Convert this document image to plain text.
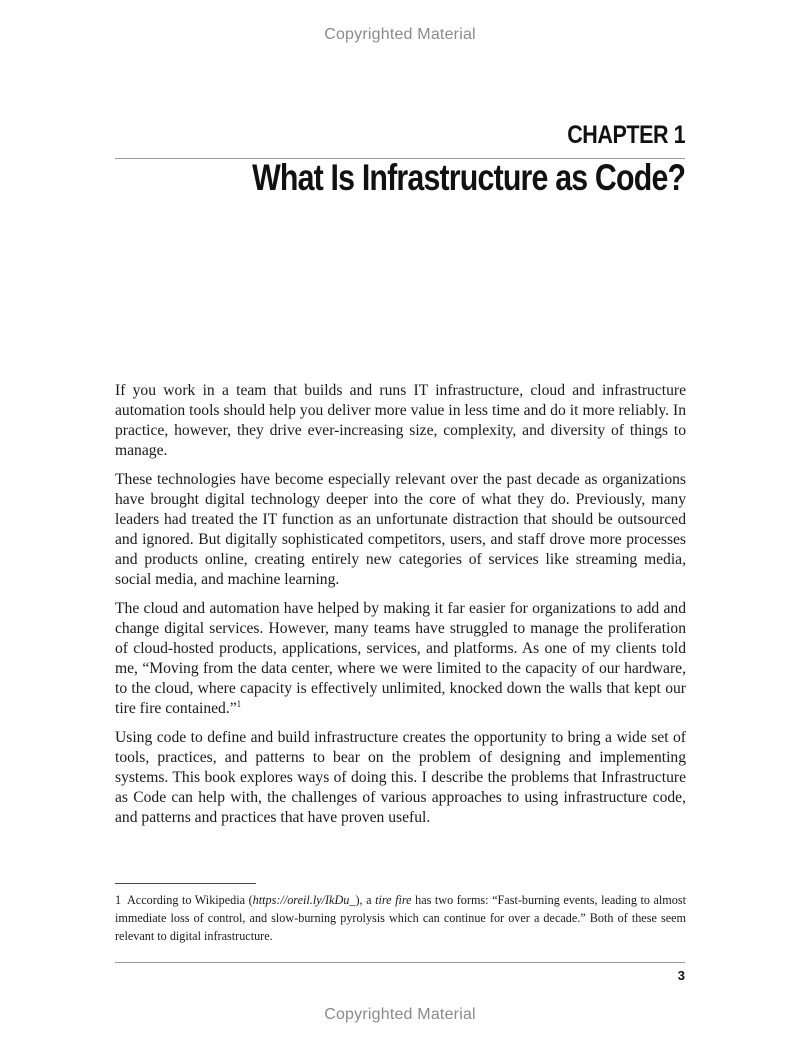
Copyrighted Material
CHAPTER 1
What Is Infrastructure as Code?

If you work in a team that builds and runs IT infrastructure, cloud and infrastructure automation tools should help you deliver more value in less time and do it more reliably. In practice, however, they drive ever-increasing size, complexity, and diversity of things to manage.

These technologies have become especially relevant over the past decade as organizations have brought digital technology deeper into the core of what they do. Previously, many leaders had treated the IT function as an unfortunate distraction that should be outsourced and ignored. But digitally sophisticated competitors, users, and staff drove more processes and products online, creating entirely new categories of services like streaming media, social media, and machine learning.

The cloud and automation have helped by making it far easier for organizations to add and change digital services. However, many teams have struggled to manage the proliferation of cloud-hosted products, applications, services, and platforms. As one of my clients told me, “Moving from the data center, where we were limited to the capacity of our hardware, to the cloud, where capacity is effectively unlimited, knocked down the walls that kept our tire fire contained.”$^1$

Using code to define and build infrastructure creates the opportunity to bring a wide set of tools, practices, and patterns to bear on the problem of designing and implementing systems. This book explores ways of doing this. I describe the problems that Infrastructure as Code can help with, the challenges of various approaches to using infrastructure code, and patterns and practices that have proven useful.

1 According to Wikipedia (https://oreil.ly/IkDu_), a tire fire has two forms: “Fast-burning events, leading to almost immediate loss of control, and slow-burning pyrolysis which can continue for over a decade.” Both of these seem relevant to digital infrastructure.
3
Copyrighted Material
